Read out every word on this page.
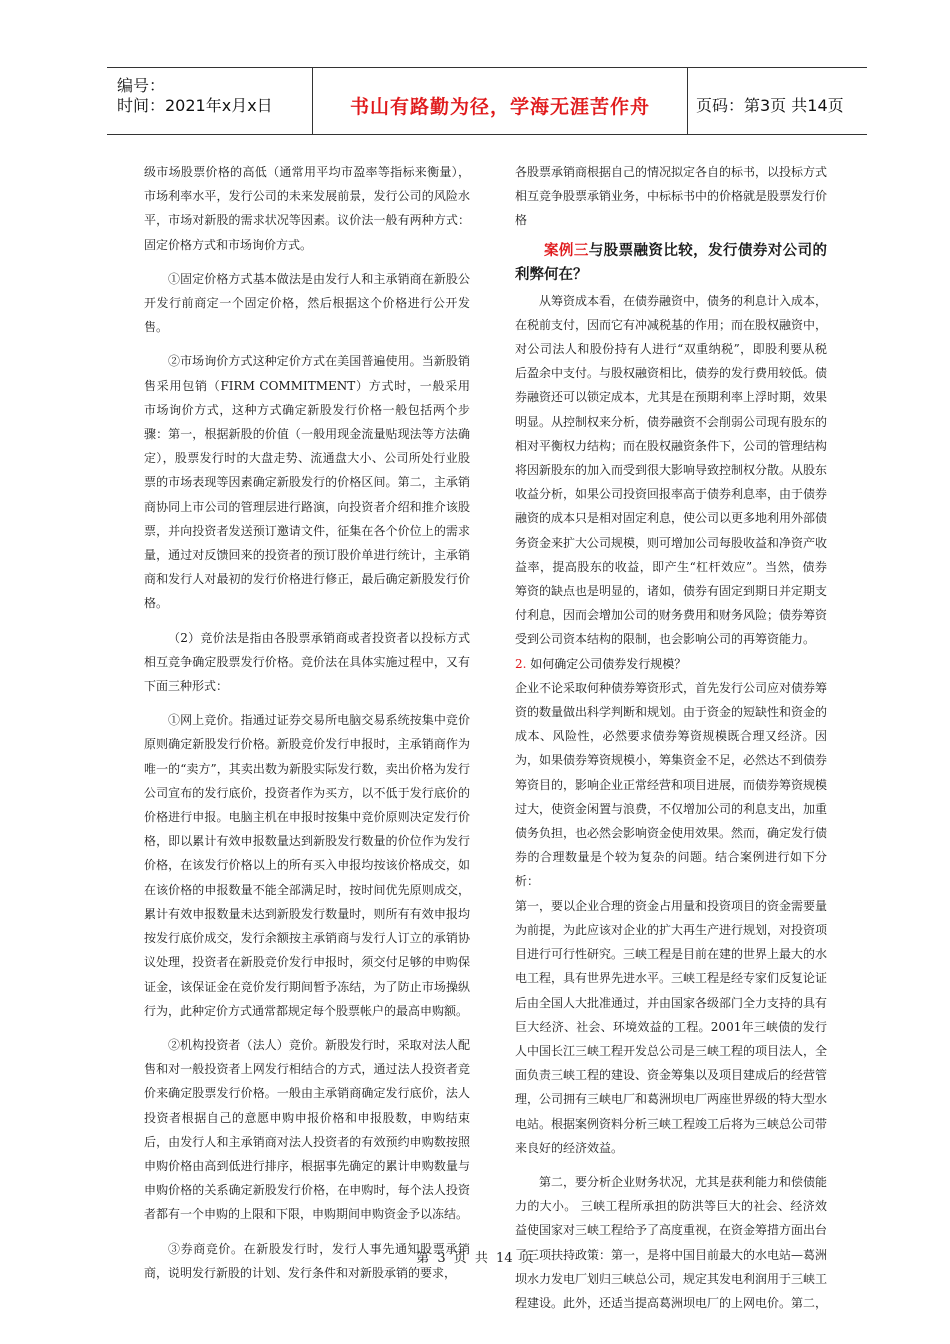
编号：
时间：2021年x月x日	书山有路勤为径，学海无涯苦作舟	页码：第3页 共14页

级市场股票价格的高低（通常用平均市盈率等指标来衡量），市场利率水平，发行公司的未来发展前景，发行公司的风险水平，市场对新股的需求状况等因素。议价法一般有两种方式：固定价格方式和市场询价方式。

①固定价格方式基本做法是由发行人和主承销商在新股公开发行前商定一个固定价格，然后根据这个价格进行公开发售。

②市场询价方式这种定价方式在美国普遍使用。当新股销售采用包销（FIRM COMMITMENT）方式时，一般采用市场询价方式，这种方式确定新股发行价格一般包括两个步骤：第一，根据新股的价值（一般用现金流量贴现法等方法确定），股票发行时的大盘走势、流通盘大小、公司所处行业股票的市场表现等因素确定新股发行的价格区间。第二，主承销商协同上市公司的管理层进行路演，向投资者介绍和推介该股票，并向投资者发送预订邀请文件，征集在各个价位上的需求量，通过对反馈回来的投资者的预订股价单进行统计，主承销商和发行人对最初的发行价格进行修正，最后确定新股发行价格。

（2）竞价法是指由各股票承销商或者投资者以投标方式相互竞争确定股票发行价格。竞价法在具体实施过程中，又有下面三种形式：

①网上竞价。指通过证券交易所电脑交易系统按集中竞价原则确定新股发行价格。新股竞价发行申报时，主承销商作为唯一的“卖方”，其卖出数为新股实际发行数，卖出价格为发行公司宣布的发行底价，投资者作为买方，以不低于发行底价的价格进行申报。电脑主机在申报时按集中竞价原则决定发行价格，即以累计有效申报数量达到新股发行数量的价位作为发行价格，在该发行价格以上的所有买入申报均按该价格成交，如在该价格的申报数量不能全部满足时，按时间优先原则成交，累计有效申报数量未达到新股发行数量时，则所有有效申报均按发行底价成交，发行余额按主承销商与发行人订立的承销协议处理，投资者在新股竞价发行申报时，须交付足够的申购保证金，该保证金在竞价发行期间暂予冻结，为了防止市场操纵行为，此种定价方式通常都规定每个股票帐户的最高申购额。

②机构投资者（法人）竞价。新股发行时，采取对法人配售和对一般投资者上网发行相结合的方式，通过法人投资者竞价来确定股票发行价格。一般由主承销商确定发行底价，法人投资者根据自己的意愿申购申报价格和申报股数，申购结束后，由发行人和主承销商对法人投资者的有效预约申购数按照申购价格由高到低进行排序，根据事先确定的累计申购数量与申购价格的关系确定新股发行价格，在申购时，每个法人投资者都有一个申购的上限和下限，申购期间申购资金予以冻结。

③券商竞价。在新股发行时，发行人事先通知股票承销商，说明发行新股的计划、发行条件和对新股承销的要求，

各股票承销商根据自己的情况拟定各自的标书，以投标方式相互竞争股票承销业务，中标标书中的价格就是股票发行价格

案例三与股票融资比较，发行债券对公司的利弊何在？

从筹资成本看，在债券融资中，债务的利息计入成本，在税前支付，因而它有冲减税基的作用；而在股权融资中，对公司法人和股份持有人进行“双重纳税”，即股利要从税后盈余中支付。与股权融资相比，债券的发行费用较低。债券融资还可以锁定成本，尤其是在预期利率上浮时期，效果明显。从控制权来分析，债券融资不会削弱公司现有股东的相对平衡权力结构；而在股权融资条件下，公司的管理结构将因新股东的加入而受到很大影响导致控制权分散。从股东收益分析，如果公司投资回报率高于债券利息率，由于债券融资的成本只是相对固定利息，使公司以更多地利用外部债务资金来扩大公司规模，则可增加公司每股收益和净资产收益率，提高股东的收益，即产生“杠杆效应”。当然，债券筹资的缺点也是明显的，诸如，债券有固定到期日并定期支付利息，因而会增加公司的财务费用和财务风险；债券筹资受到公司资本结构的限制，也会影响公司的再筹资能力。

2. 如何确定公司债券发行规模？

企业不论采取何种债券筹资形式，首先发行公司应对债券筹资的数量做出科学判断和规划。由于资金的短缺性和资金的成本、风险性，必然要求债券筹资规模既合理又经济。因为，如果债券筹资规模小，筹集资金不足，必然达不到债券筹资目的，影响企业正常经营和项目进展，而债券筹资规模过大，使资金闲置与浪费，不仅增加公司的利息支出，加重债务负担，也必然会影响资金使用效果。然而，确定发行债券的合理数量是个较为复杂的问题。结合案例进行如下分析：

第一，要以企业合理的资金占用量和投资项目的资金需要量为前提，为此应该对企业的扩大再生产进行规划，对投资项目进行可行性研究。三峡工程是目前在建的世界上最大的水电工程，具有世界先进水平。三峡工程是经专家们反复论证后由全国人大批准通过，并由国家各级部门全力支持的具有巨大经济、社会、环境效益的工程。2001年三峡债的发行人中国长江三峡工程开发总公司是三峡工程的项目法人，全面负责三峡工程的建设、资金筹集以及项目建成后的经营管理，公司拥有三峡电厂和葛洲坝电厂两座世界级的特大型水电站。根据案例资料分析三峡工程竣工后将为三峡总公司带来良好的经济效益。

第二，要分析企业财务状况，尤其是获利能力和偿债能力的大小。 三峡工程所承担的防洪等巨大的社会、经济效益使国家对三峡工程给予了高度重视，在资金筹措方面出台了三项扶持政策：第一，是将中国目前最大的水电站—葛洲坝水力发电厂划归三峡总公司，规定其发电利润用于三峡工程建设。此外，还适当提高葛洲坝电厂的上网电价。第二，

第 3 页 共 14 页
